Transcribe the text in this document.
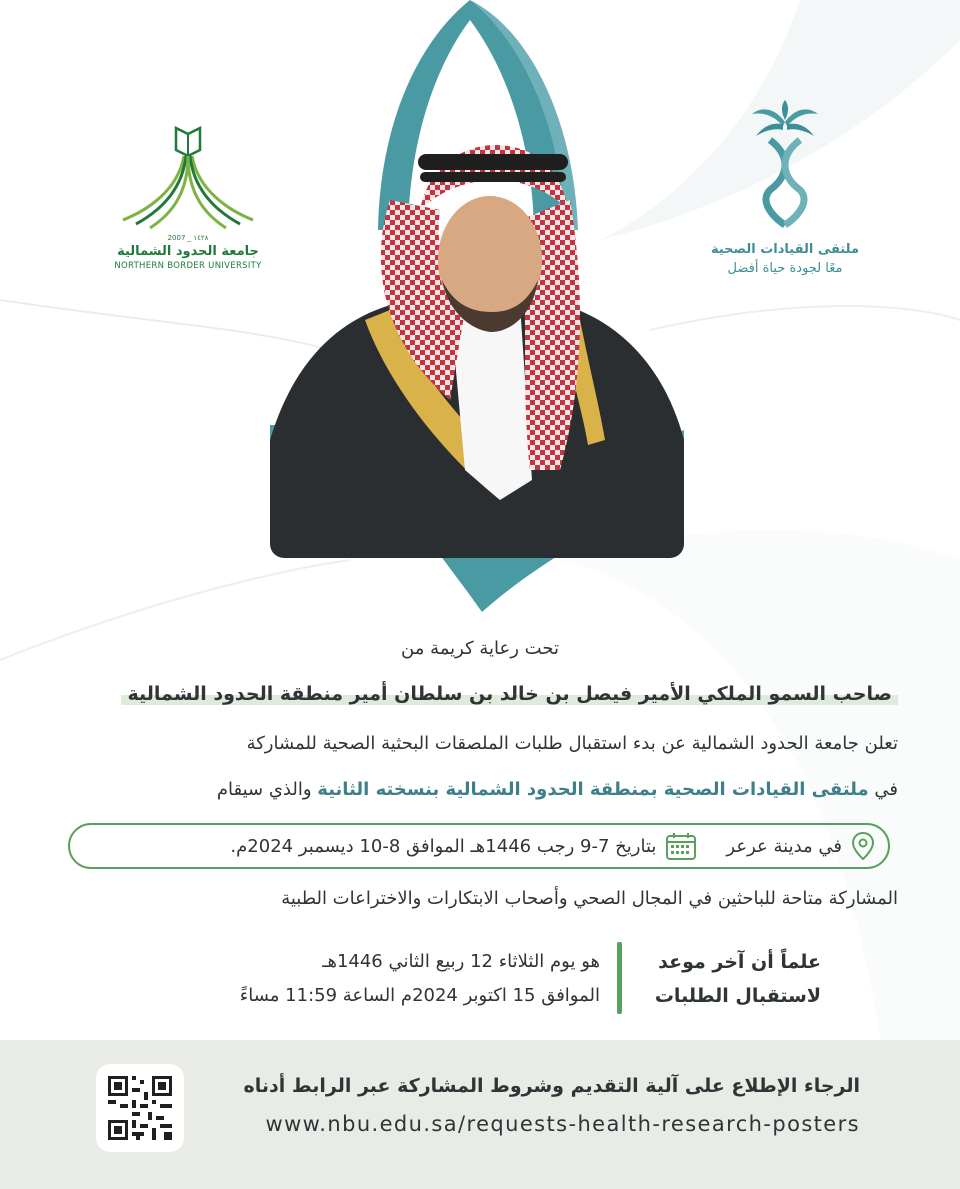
١٤٢٨ _ 2007
جامعة الحدود الشمالية
NORTHERN BORDER UNIVERSITY
ملتقى القيادات الصحية
معًا لجودة حياة أفضل
تحت رعاية كريمة من
صاحب السمو الملكي الأمير فيصل بن خالد بن سلطان أمير منطقة الحدود الشمالية
تعلن جامعة الحدود الشمالية عن بدء استقبال طلبات الملصقات البحثية الصحية للمشاركة
في ملتقى القيادات الصحية بمنطقة الحدود الشمالية بنسخته الثانية والذي سيقام
في مدينة عرعر
بتاريخ 7-9 رجب 1446هـ الموافق 8-10 ديسمبر 2024م.
المشاركة متاحة للباحثين في المجال الصحي وأصحاب الابتكارات والاختراعات الطبية
علماً أن آخر موعد
لاستقبال الطلبات
هو يوم الثلاثاء 12 ربيع الثاني 1446هـ
الموافق 15 اكتوبر 2024م الساعة 11:59 مساءً
الرجاء الإطلاع على آلية التقديم وشروط المشاركة عبر الرابط أدناه
www.nbu.edu.sa/requests-health-research-posters
